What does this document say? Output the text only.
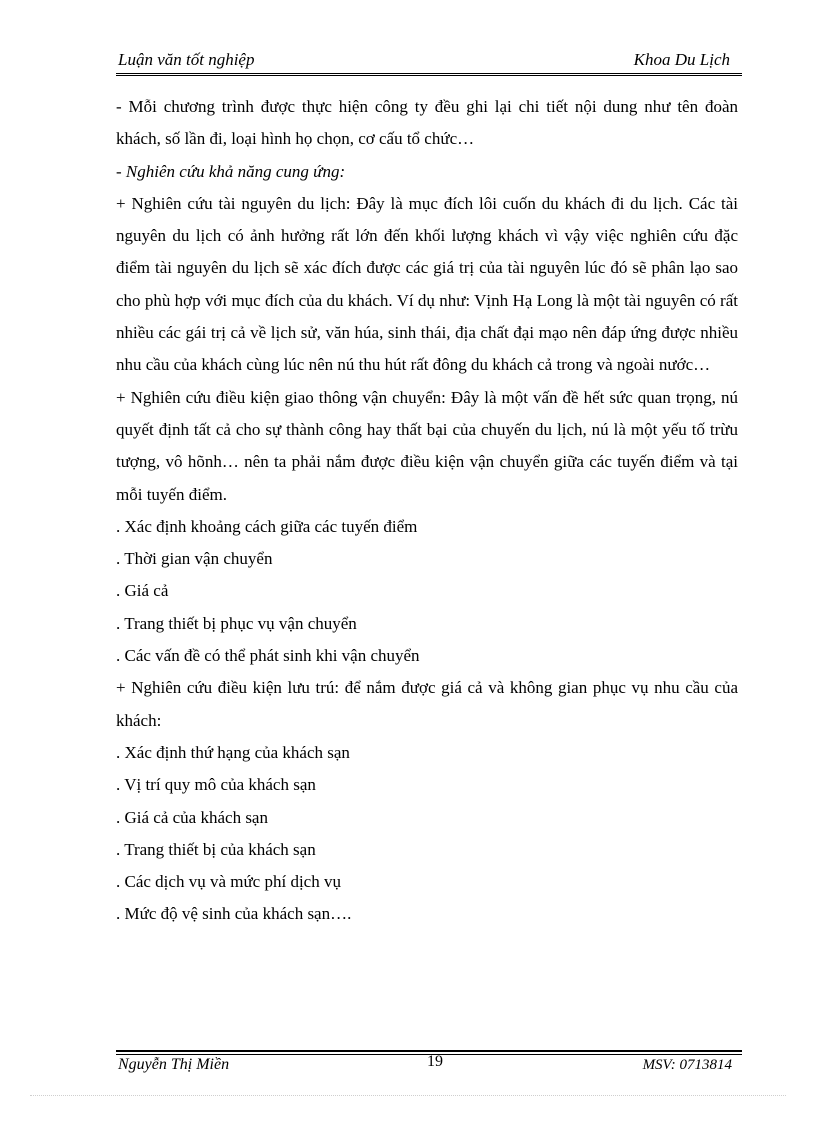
Luận văn tốt nghiệp	Khoa Du Lịch

- Mỗi chương trình được thực hiện công ty đều ghi lại chi tiết nội dung như tên đoàn khách, số lần đi, loại hình họ chọn, cơ cấu tổ chức…

- Nghiên cứu khả năng cung ứng:

+ Nghiên cứu tài nguyên du lịch: Đây là mục đích lôi cuốn du khách đi du lịch. Các tài nguyên du lịch có ảnh hưởng rất lớn đến khối lượng khách vì vậy việc nghiên cứu đặc điểm tài nguyên du lịch sẽ xác đích được các giá trị của tài nguyên lúc đó sẽ phân lạo sao cho phù hợp với mục đích của du khách. Ví dụ như: Vịnh Hạ Long là một tài nguyên có rất nhiều các gái trị cả về lịch sử, văn húa, sinh thái, địa chất đại mạo nên đáp ứng được nhiều nhu cầu của khách cùng lúc nên nú thu hút rất đông du khách cả trong và ngoài nước…

+ Nghiên cứu điều kiện giao thông vận chuyển: Đây là một vấn đề hết sức quan trọng, nú quyết định tất cả cho sự thành công hay thất bại của chuyến du lịch, nú là một yếu tố trừu tượng, vô hõnh… nên ta phải nắm được điều kiện vận chuyển giữa các tuyến điểm và tại mỗi tuyến điểm.

. Xác định khoảng cách giữa các tuyến điểm

. Thời gian vận chuyển

. Giá cả

. Trang thiết bị phục vụ vận chuyển

. Các vấn đề có thể phát sinh khi vận chuyển

+ Nghiên cứu điều kiện lưu trú: để nắm được giá cả và không gian phục vụ nhu cầu của khách:

. Xác định thứ hạng của khách sạn

. Vị trí quy mô của khách sạn

. Giá cả của khách sạn

. Trang thiết bị của khách sạn

. Các dịch vụ và mức phí dịch vụ

. Mức độ vệ sinh của khách sạn….

Nguyễn Thị Miền	19	MSV: 0713814
